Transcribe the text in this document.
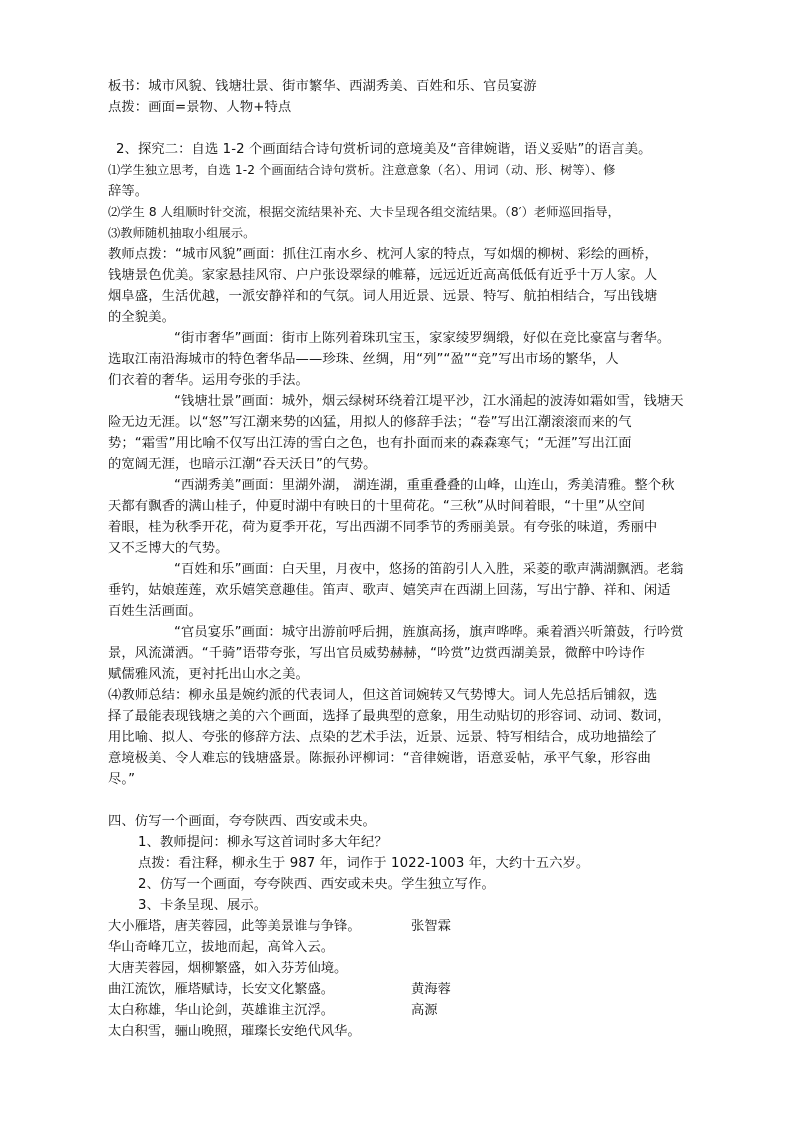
板书：城市风貌、钱塘壮景、街市繁华、西湖秀美、百姓和乐、官员宴游
点拨：画面=景物、人物+特点
2、探究二：自选 1-2 个画面结合诗句赏析词的意境美及“音律婉谐，语义妥贴”的语言美。
⑴学生独立思考，自选 1-2 个画面结合诗句赏析。注意意象（名）、用词（动、形、树等）、修
辞等。
⑵学生 8 人组顺时针交流，根据交流结果补充、大卡呈现各组交流结果。（8′）老师巡回指导，
⑶教师随机抽取小组展示。
教师点拨：“城市风貌”画面：抓住江南水乡、枕河人家的特点，写如烟的柳树、彩绘的画桥，
钱塘景色优美。家家悬挂风帘、户户张设翠绿的帷幕，远远近近高高低低有近乎十万人家。人
烟阜盛，生活优越，一派安静祥和的气氛。词人用近景、远景、特写、航拍相结合，写出钱塘
的全貌美。
“街市奢华”画面：街市上陈列着珠玑宝玉，家家绫罗绸缎，好似在竞比豪富与奢华。
选取江南沿海城市的特色奢华品——珍珠、丝绸，用“列”“盈”“竞”写出市场的繁华，人
们衣着的奢华。运用夸张的手法。
“钱塘壮景”画面：城外，烟云绿树环绕着江堤平沙，江水涌起的波涛如霜如雪，钱塘天
险无边无涯。以“怒”写江潮来势的凶猛，用拟人的修辞手法；“卷”写出江潮滚滚而来的气
势；“霜雪”用比喻不仅写出江涛的雪白之色，也有扑面而来的森森寒气；“无涯”写出江面
的宽阔无涯，也暗示江潮“吞天沃日”的气势。
“西湖秀美”画面：里湖外湖， 湖连湖，重重叠叠的山峰，山连山，秀美清雅。整个秋
天都有飘香的满山桂子，仲夏时湖中有映日的十里荷花。“三秋”从时间着眼，“十里”从空间
着眼，桂为秋季开花，荷为夏季开花，写出西湖不同季节的秀丽美景。有夸张的味道，秀丽中
又不乏博大的气势。
“百姓和乐”画面：白天里，月夜中，悠扬的笛韵引人入胜，采菱的歌声满湖飘洒。老翁
垂钓，姑娘莲莲，欢乐嬉笑意趣佳。笛声、歌声、嬉笑声在西湖上回荡，写出宁静、祥和、闲适
百姓生活画面。
“官员宴乐”画面：城守出游前呼后拥，旌旗高扬，旗声哗哗。乘着酒兴听箫鼓，行吟赏
景，风流潇洒。“千骑”语带夸张，写出官员威势赫赫，“吟赏”边赏西湖美景，微醉中吟诗作
赋儒雅风流，更衬托出山水之美。
⑷教师总结：柳永虽是婉约派的代表词人，但这首词婉转又气势博大。词人先总括后铺叙，选
择了最能表现钱塘之美的六个画面，选择了最典型的意象，用生动贴切的形容词、动词、数词，
用比喻、拟人、夸张的修辞方法、点染的艺术手法，近景、远景、特写相结合，成功地描绘了
意境极美、令人难忘的钱塘盛景。陈振孙评柳词：“音律婉谐，语意妥帖，承平气象，形容曲
尽。”
四、仿写一个画面，夸夸陕西、西安或未央。
1、教师提问：柳永写这首词时多大年纪？
点拨：看注释，柳永生于 987 年，词作于 1022-1003 年，大约十五六岁。
2、仿写一个画面，夸夸陕西、西安或未央。学生独立写作。
3、卡条呈现、展示。
大小雁塔，唐芙蓉园，此等美景谁与争锋。	张智霖
华山奇峰兀立，拔地而起，高耸入云。
大唐芙蓉园，烟柳繁盛，如入芬芳仙境。
曲江流饮，雁塔赋诗，长安文化繁盛。	黄海蓉
太白称雄，华山论剑，英雄谁主沉浮。	高源
太白积雪，骊山晚照，璀璨长安绝代风华。
